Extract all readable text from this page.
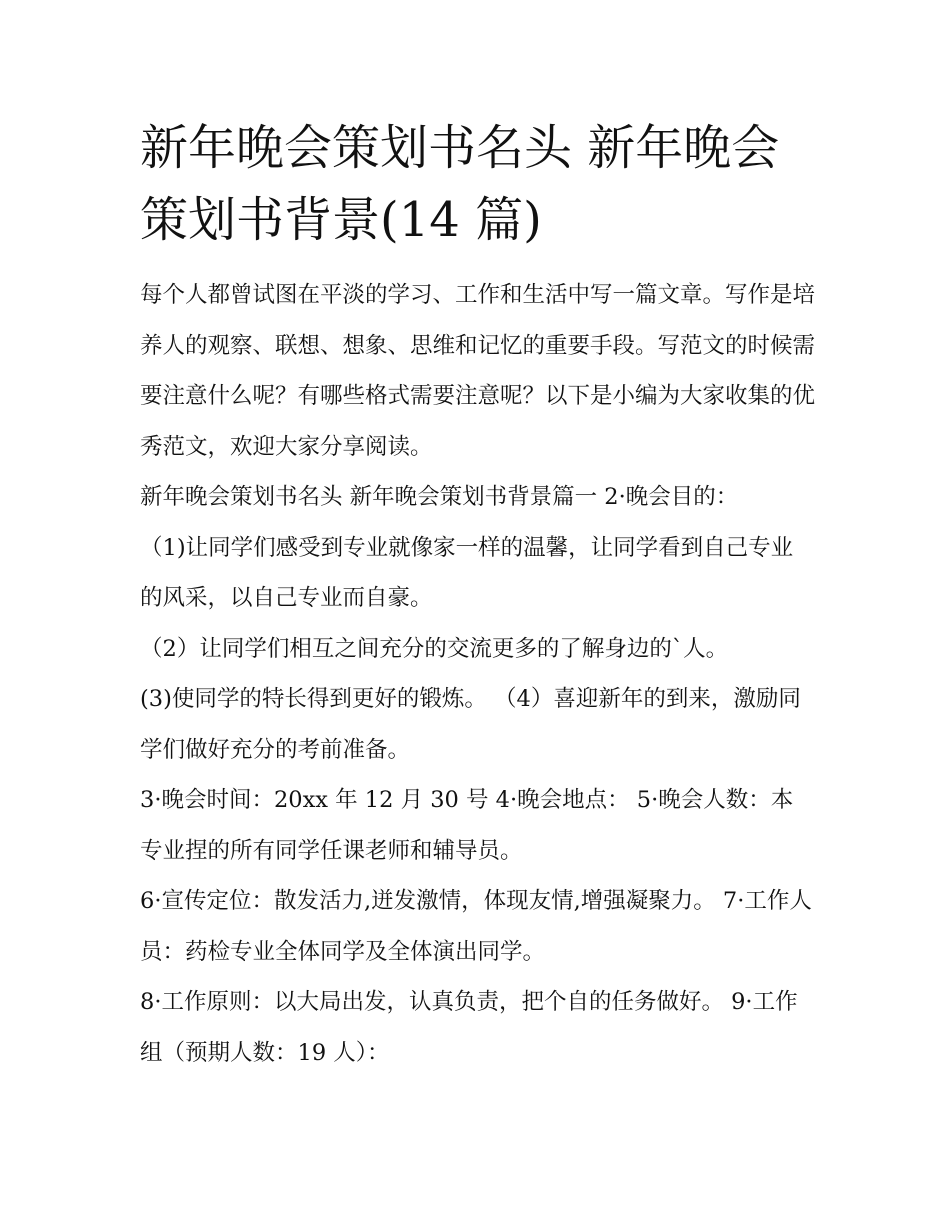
新年晚会策划书名头 新年晚会策划书背景(14 篇)

每个人都曾试图在平淡的学习、工作和生活中写一篇文章。写作是培养人的观察、联想、想象、思维和记忆的重要手段。写范文的时候需要注意什么呢？有哪些格式需要注意呢？以下是小编为大家收集的优秀范文，欢迎大家分享阅读。

新年晚会策划书名头 新年晚会策划书背景篇一 2·晚会目的：

（1)让同学们感受到专业就像家一样的温馨，让同学看到自己专业的风采，以自己专业而自豪。

（2）让同学们相互之间充分的交流更多的了解身边的`人。

(3)使同学的特长得到更好的锻炼。 （4）喜迎新年的到来，激励同学们做好充分的考前准备。

3·晚会时间：20xx 年 12 月 30 号 4·晚会地点： 5·晚会人数：本专业捏的所有同学任课老师和辅导员。

6·宣传定位：散发活力,迸发激情，体现友情,增强凝聚力。 7·工作人员：药检专业全体同学及全体演出同学。

8·工作原则：以大局出发，认真负责，把个自的任务做好。 9·工作组（预期人数：19 人）：
